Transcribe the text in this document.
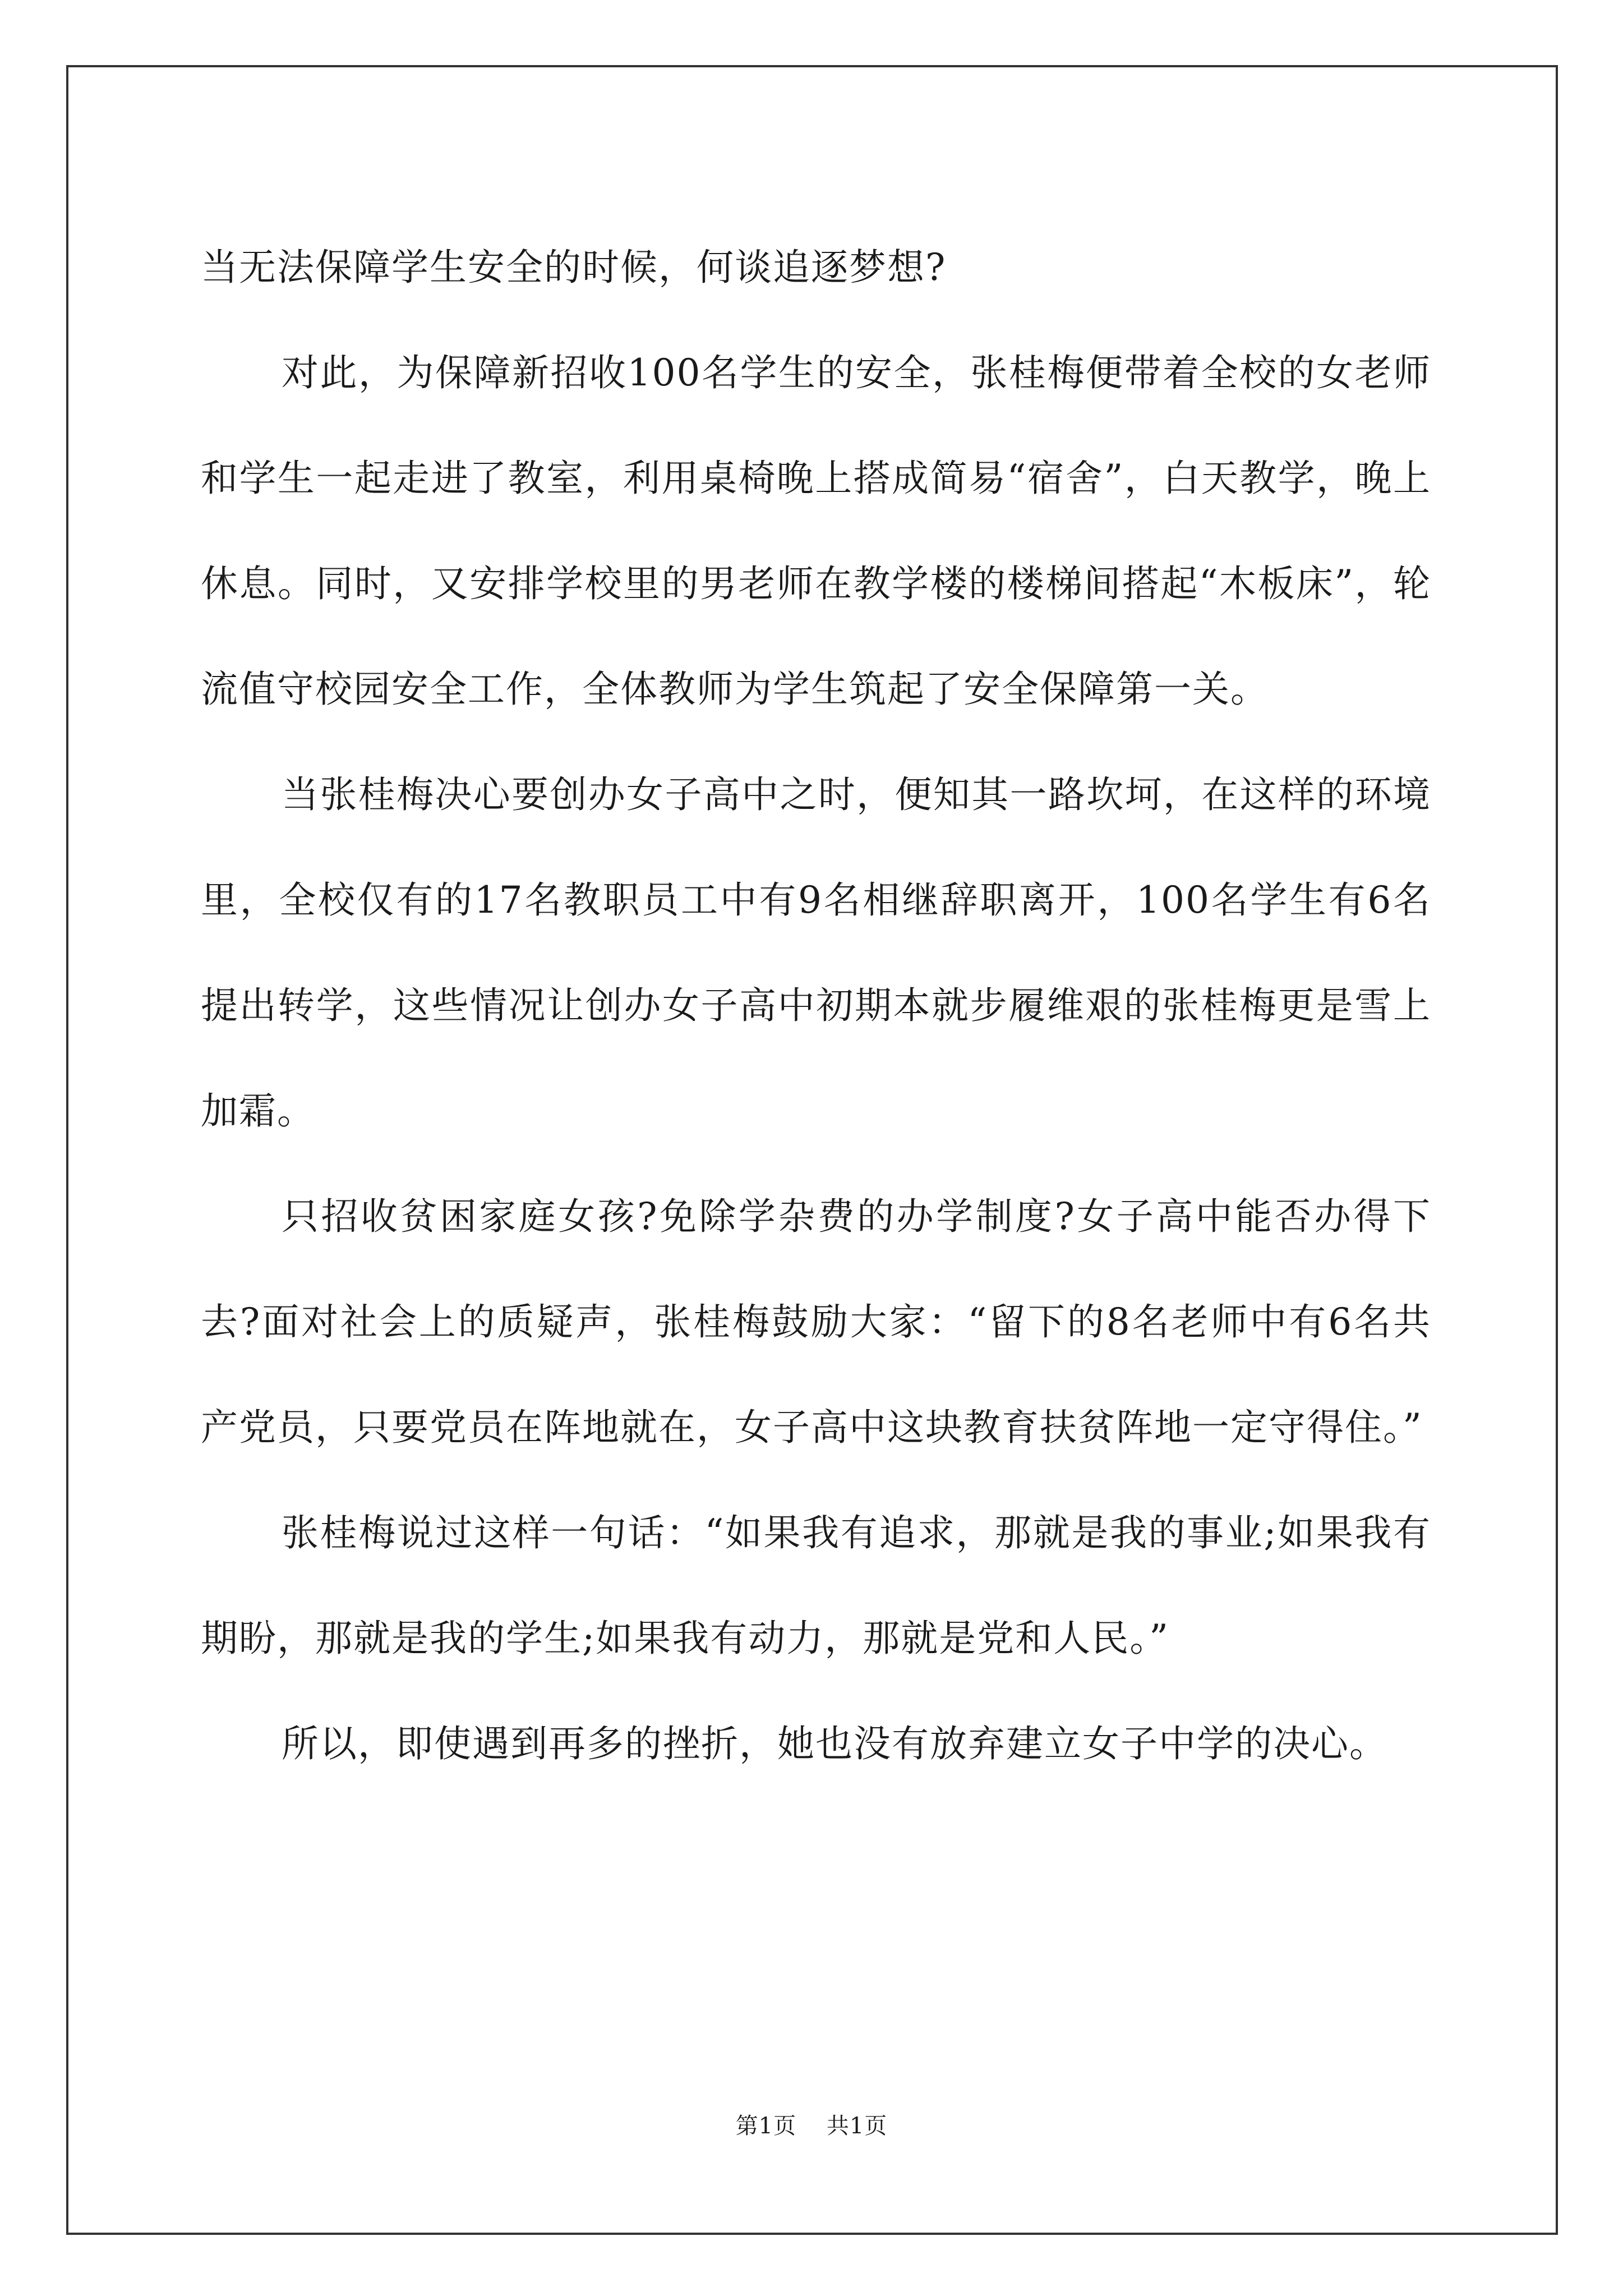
当无法保障学生安全的时候，何谈追逐梦想?

对此，为保障新招收100名学生的安全，张桂梅便带着全校的女老师和学生一起走进了教室，利用桌椅晚上搭成简易“宿舍”，白天教学，晚上休息。同时，又安排学校里的男老师在教学楼的楼梯间搭起“木板床”，轮流值守校园安全工作，全体教师为学生筑起了安全保障第一关。

当张桂梅决心要创办女子高中之时，便知其一路坎坷，在这样的环境里，全校仅有的17名教职员工中有9名相继辞职离开，100名学生有6名提出转学，这些情况让创办女子高中初期本就步履维艰的张桂梅更是雪上加霜。

只招收贫困家庭女孩?免除学杂费的办学制度?女子高中能否办得下去?面对社会上的质疑声，张桂梅鼓励大家：“留下的8名老师中有6名共产党员，只要党员在阵地就在，女子高中这块教育扶贫阵地一定守得住。”

张桂梅说过这样一句话：“如果我有追求，那就是我的事业;如果我有期盼，那就是我的学生;如果我有动力，那就是党和人民。”

所以，即使遇到再多的挫折，她也没有放弃建立女子中学的决心。

第1页 共1页
